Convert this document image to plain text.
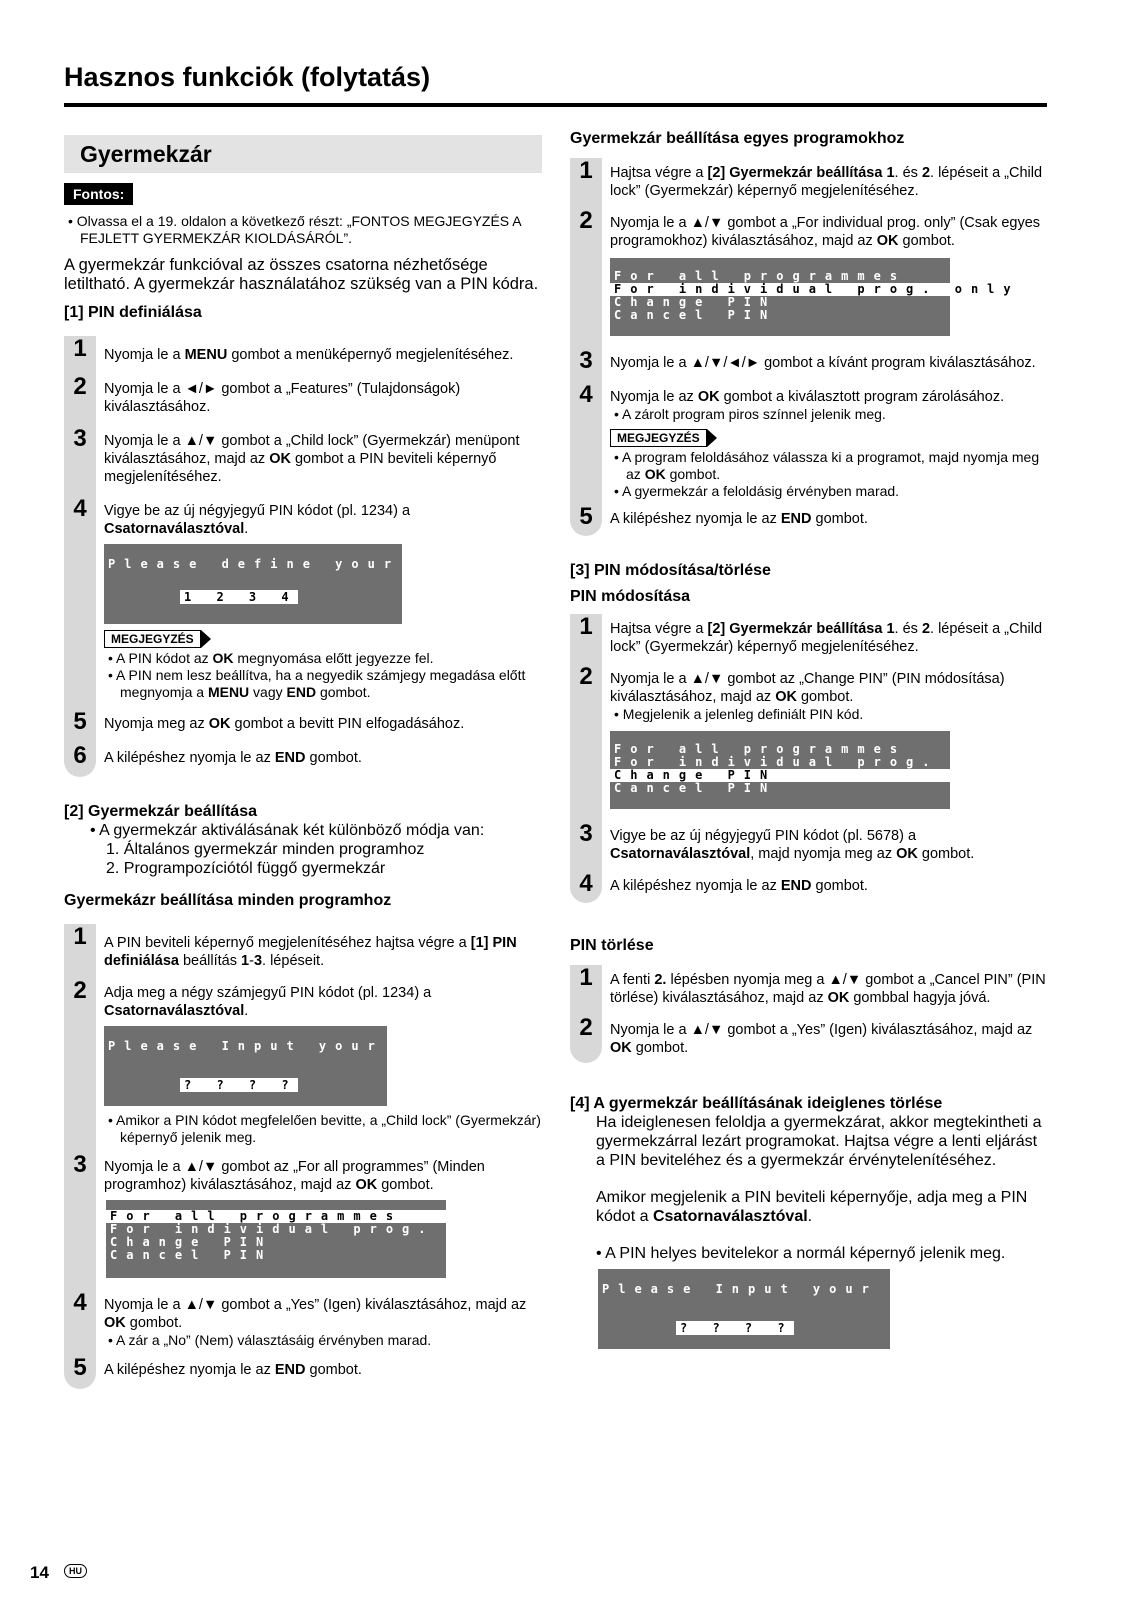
Hasznos funkciók (folytatás)
Gyermekzár
Fontos:
• Olvassa el a 19. oldalon a következő részt: „FONTOS MEGJEGYZÉS A FEJLETT GYERMEKZÁR KIOLDÁSÁRÓL”.
A gyermekzár funkcióval az összes csatorna nézhetősége letiltható. A gyermekzár használatához szükség van a PIN kódra.
[1] PIN definiálása
1	Nyomja le a MENU gombot a menüképernyő megjelenítéséhez.
2	Nyomja le a ◄/► gombot a „Features” (Tulajdonságok) kiválasztásához.
3	Nyomja le a ▲/▼ gombot a „Child lock” (Gyermekzár) menüpont kiválasztásához, majd az OK gombot a PIN beviteli képernyő megjelenítéséhez.
4	Vigye be az új négyjegyű PIN kódot (pl. 1234) a Csatornaválasztóval.
Please define your PIN
1 2 3 4
MEGJEGYZÉS
• A PIN kódot az OK megnyomása előtt jegyezze fel.
• A PIN nem lesz beállítva, ha a negyedik számjegy megadása előtt megnyomja a MENU vagy END gombot.
5	Nyomja meg az OK gombot a bevitt PIN elfogadásához.
6	A kilépéshez nyomja le az END gombot.
[2] Gyermekzár beállítása
• A gyermekzár aktiválásának két különböző módja van:
1. Általános gyermekzár minden programhoz
2. Programpozíciótól függő gyermekzár
Gyermekázr beállítása minden programhoz
1	A PIN beviteli képernyő megjelenítéséhez hajtsa végre a [1] PIN definiálása beállítás 1-3. lépéseit.
2	Adja meg a négy számjegyű PIN kódot (pl. 1234) a Csatornaválasztóval.
Please Input your PIN
? ? ? ?
• Amikor a PIN kódot megfelelően bevitte, a „Child lock” (Gyermekzár) képernyő jelenik meg.
3	Nyomja le a ▲/▼ gombot az „For all programmes” (Minden programhoz) kiválasztásához, majd az OK gombot.
For all programmes
For individual prog. only
Change PIN
Cancel PIN
4	Nyomja le a ▲/▼ gombot a „Yes” (Igen) kiválasztásához, majd az OK gombot.
• A zár a „No” (Nem) választásáig érvényben marad.
5	A kilépéshez nyomja le az END gombot.
Gyermekzár beállítása egyes programokhoz
1	Hajtsa végre a [2] Gyermekzár beállítása 1. és 2. lépéseit a „Child lock” (Gyermekzár) képernyő megjelenítéséhez.
2	Nyomja le a ▲/▼ gombot a „For individual prog. only” (Csak egyes programokhoz) kiválasztásához, majd az OK gombot.
For all programmes
For individual prog. only
Change PIN
Cancel PIN
3	Nyomja le a ▲/▼/◄/► gombot a kívánt program kiválasztásához.
4	Nyomja le az OK gombot a kiválasztott program zárolásához.
• A zárolt program piros színnel jelenik meg.
MEGJEGYZÉS
• A program feloldásához válassza ki a programot, majd nyomja meg az OK gombot.
• A gyermekzár a feloldásig érvényben marad.
5	A kilépéshez nyomja le az END gombot.
[3] PIN módosítása/törlése
PIN módosítása
1	Hajtsa végre a [2] Gyermekzár beállítása 1. és 2. lépéseit a „Child lock” (Gyermekzár) képernyő megjelenítéséhez.
2	Nyomja le a ▲/▼ gombot az „Change PIN” (PIN módosítása) kiválasztásához, majd az OK gombot.
• Megjelenik a jelenleg definiált PIN kód.
For all programmes
For individual prog. only
Change PIN
Cancel PIN
3	Vigye be az új négyjegyű PIN kódot (pl. 5678) a Csatornaválasztóval, majd nyomja meg az OK gombot.
4	A kilépéshez nyomja le az END gombot.
PIN törlése
1	A fenti 2. lépésben nyomja meg a ▲/▼ gombot a „Cancel PIN” (PIN törlése) kiválasztásához, majd az OK gombbal hagyja jóvá.
2	Nyomja le a ▲/▼ gombot a „Yes” (Igen) kiválasztásához, majd az OK gombot.
[4] A gyermekzár beállításának ideiglenes törlése
Ha ideiglenesen feloldja a gyermekzárat, akkor megtekintheti a gyermekzárral lezárt programokat. Hajtsa végre a lenti eljárást a PIN beviteléhez és a gyermekzár érvénytelenítéséhez.
Amikor megjelenik a PIN beviteli képernyője, adja meg a PIN kódot a Csatornaválasztóval.
• A PIN helyes bevitelekor a normál képernyő jelenik meg.
Please Input your PIN
? ? ? ?
14	HU
